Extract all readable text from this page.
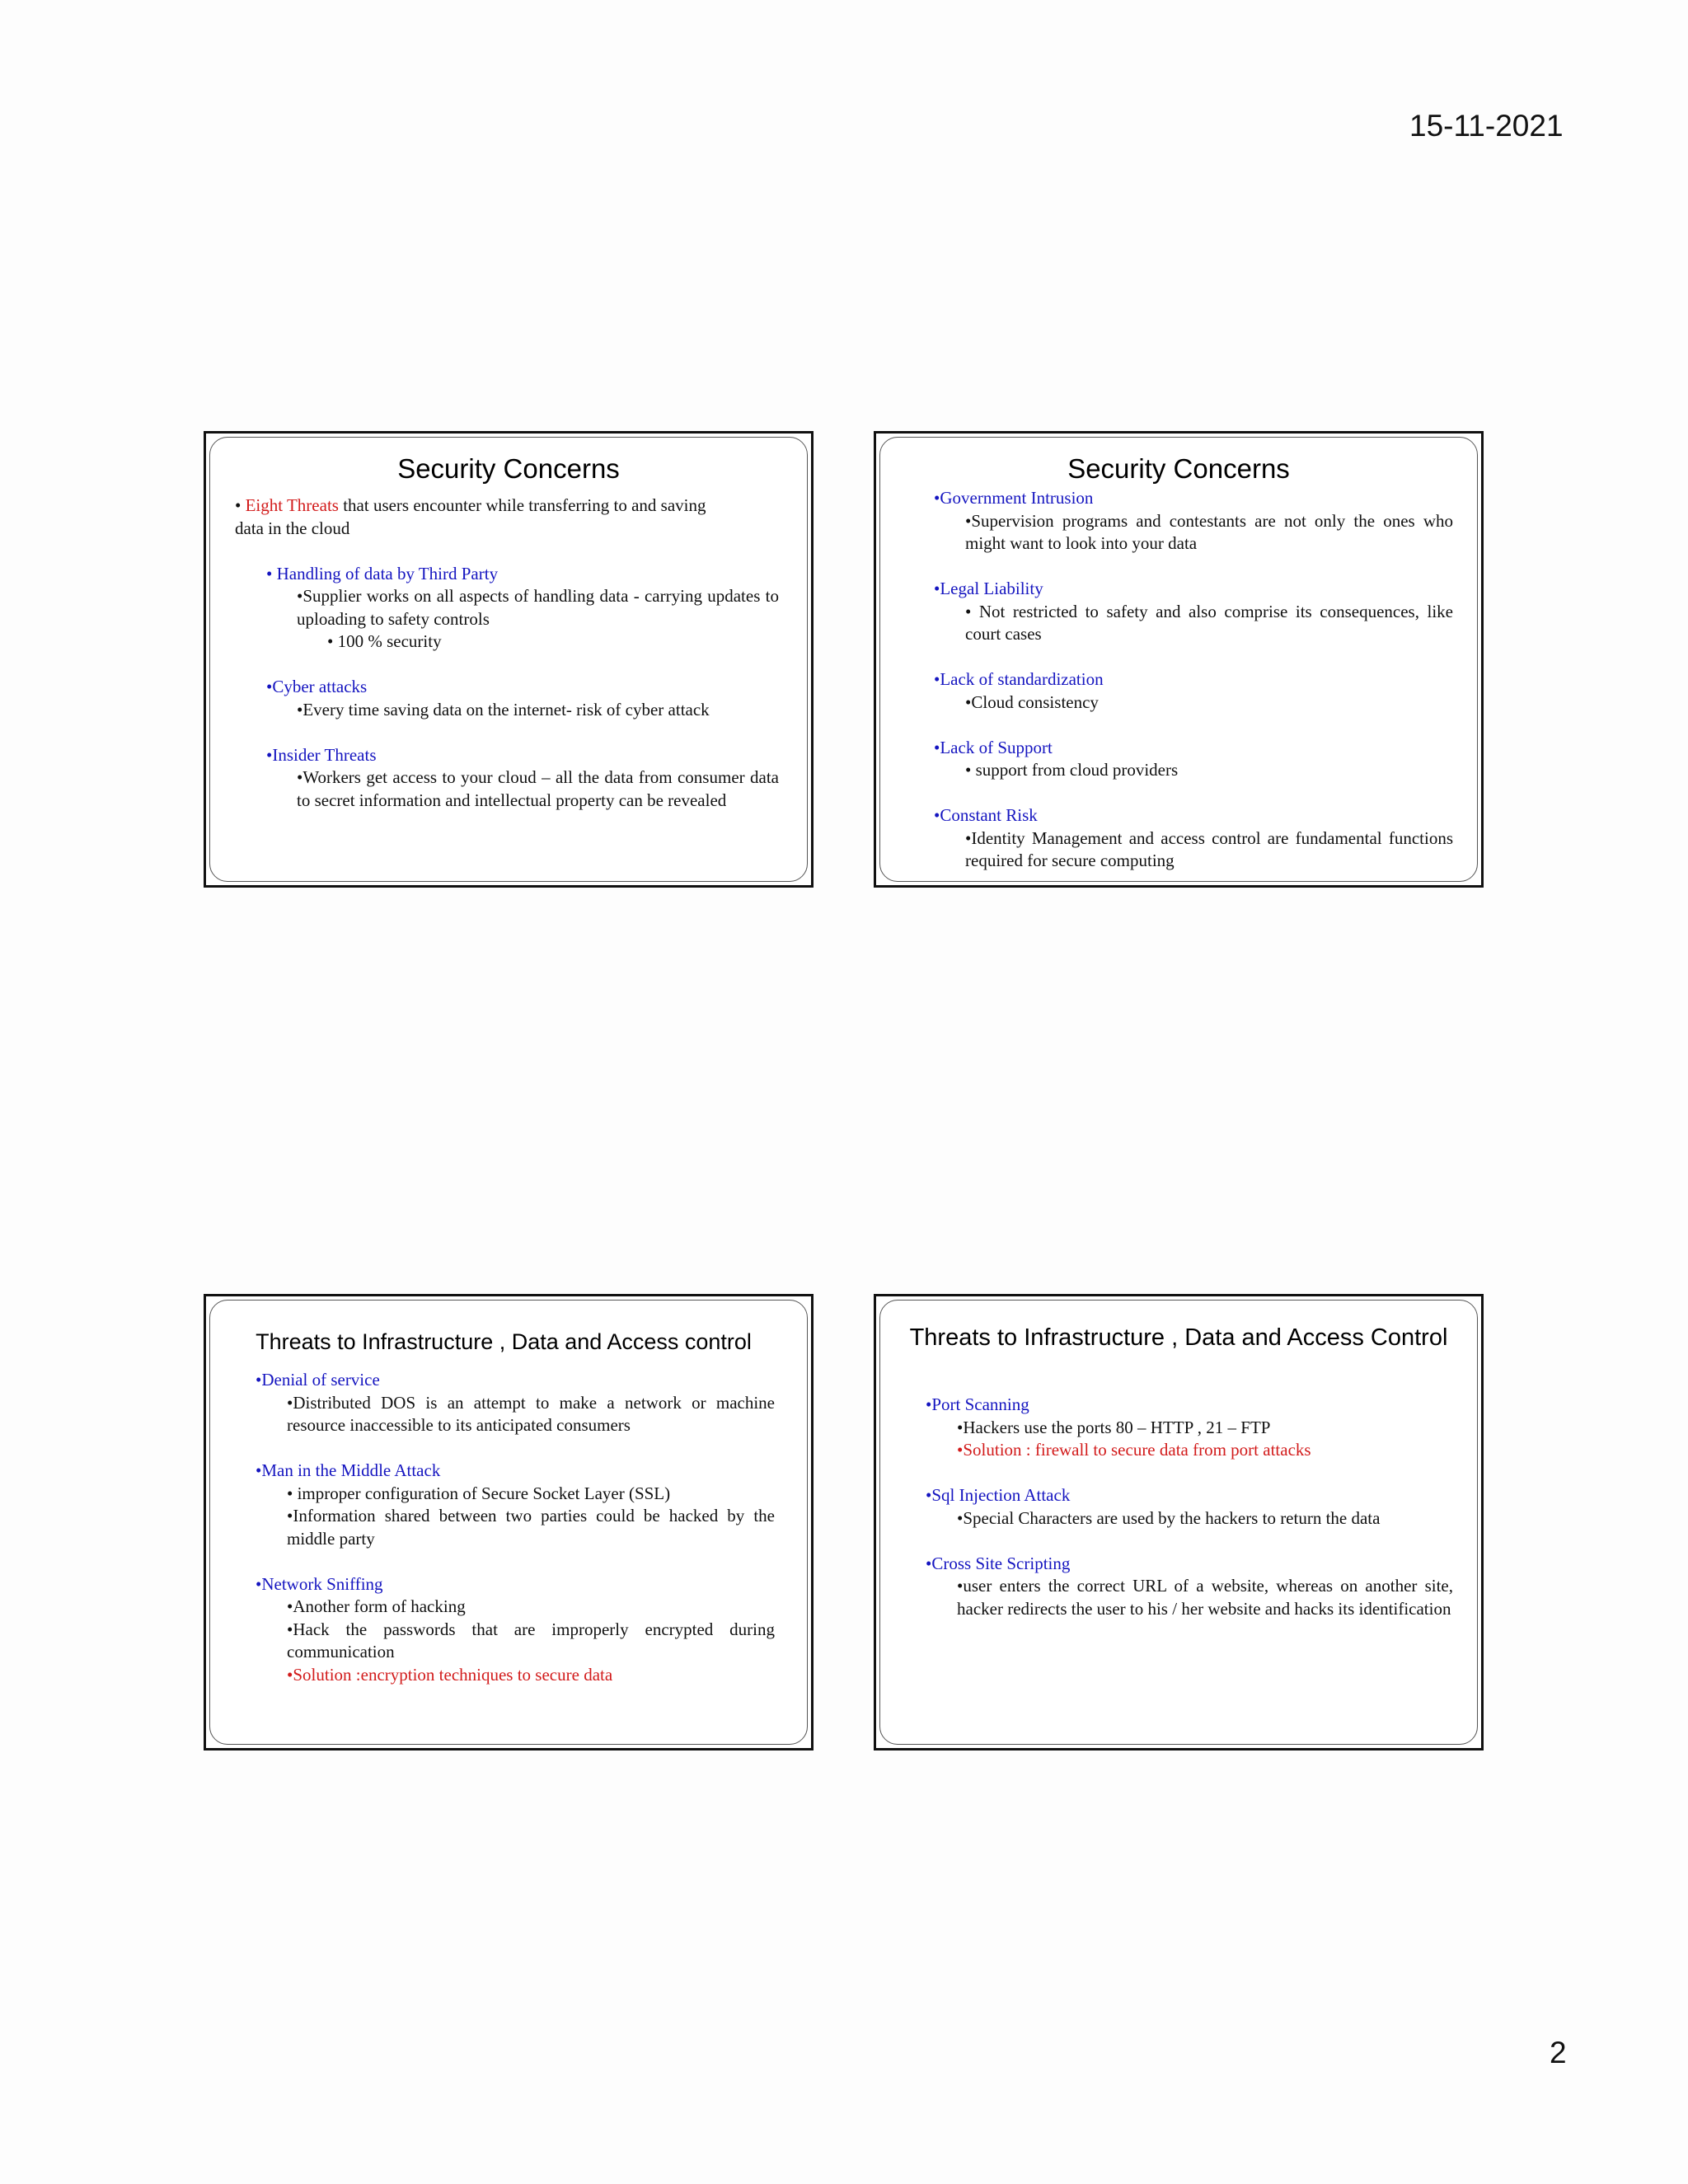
15-11-2021
Security Concerns
• Eight Threats that users encounter while transferring to and saving
data in the cloud
• Handling of data by Third Party
•Supplier works on all aspects of handling data - carrying updates to uploading to safety controls
• 100 % security
•Cyber attacks
•Every time saving data on the internet- risk of cyber attack
•Insider Threats
•Workers get access to your cloud – all the data from consumer data to secret information and intellectual property can be revealed
Security Concerns
•Government Intrusion
•Supervision programs and contestants are not only the ones who might want to look into your data
•Legal Liability
• Not restricted to safety and also comprise its consequences, like court cases
•Lack of standardization
•Cloud consistency
•Lack of Support
• support from cloud providers
•Constant Risk
•Identity Management and access control are fundamental functions required for secure computing
Threats to Infrastructure , Data and Access control
•Denial of service
•Distributed DOS is an attempt to make a network or machine resource inaccessible to its anticipated consumers
•Man in the Middle Attack
• improper configuration of Secure Socket Layer (SSL)
•Information shared between two parties could be hacked by the middle party
•Network Sniffing
•Another form of hacking
•Hack the passwords that are improperly encrypted during communication
•Solution :encryption techniques to secure data
Threats to Infrastructure , Data and Access Control
•Port Scanning
•Hackers use the ports 80 – HTTP , 21 – FTP
•Solution : firewall to secure data from port attacks
•Sql Injection Attack
•Special Characters are used by the hackers to return the data
•Cross Site Scripting
•user enters the correct URL of a website, whereas on another site, hacker redirects the user to his / her website and hacks its identification
2
